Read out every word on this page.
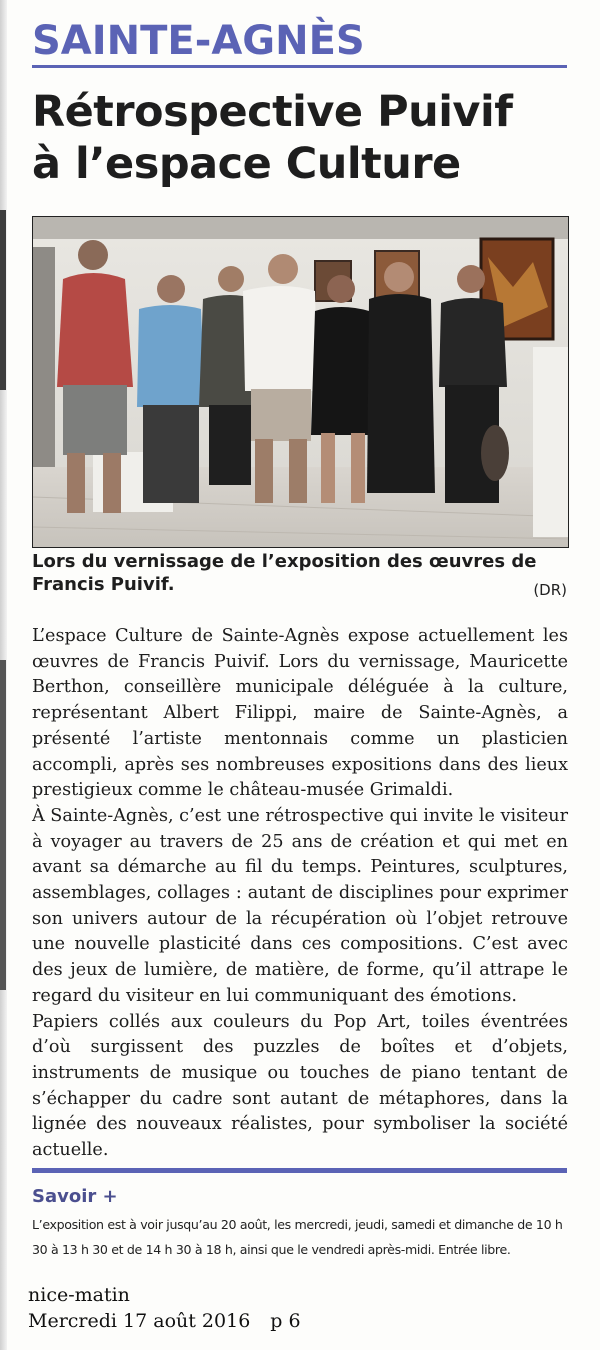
SAINTE-AGNÈS
Rétrospective Puivif
à l’espace Culture
Lors du vernissage de l’exposition des œuvres de Francis Puivif.	(DR)

L’espace Culture de Sainte-Agnès expose actuellement les œuvres de Francis Puivif. Lors du vernissage, Mauricette Berthon, conseillère municipale déléguée à la culture, représentant Albert Filippi, maire de Sainte-Agnès, a présenté l’artiste mentonnais comme un plasticien accompli, après ses nombreuses expositions dans des lieux prestigieux comme le château-musée Grimaldi.

À Sainte-Agnès, c’est une rétrospective qui invite le visiteur à voyager au travers de 25 ans de création et qui met en avant sa démarche au fil du temps. Peintures, sculptures, assemblages, collages : autant de disciplines pour exprimer son univers autour de la récupération où l’objet retrouve une nouvelle plasticité dans ces compositions. C’est avec des jeux de lumière, de matière, de forme, qu’il attrape le regard du visiteur en lui communiquant des émotions.

Papiers collés aux couleurs du Pop Art, toiles éventrées d’où surgissent des puzzles de boîtes et d’objets, instruments de musique ou touches de piano tentant de s’échapper du cadre sont autant de métaphores, dans la lignée des nouveaux réalistes, pour symboliser la société actuelle.

Savoir +
L’exposition est à voir jusqu’au 20 août, les mercredi, jeudi, samedi et dimanche de 10 h 30 à 13 h 30 et de 14 h 30 à 18 h, ainsi que le vendredi après-midi. Entrée libre.
nice-matin
Mercredi 17 août 2016 p 6
